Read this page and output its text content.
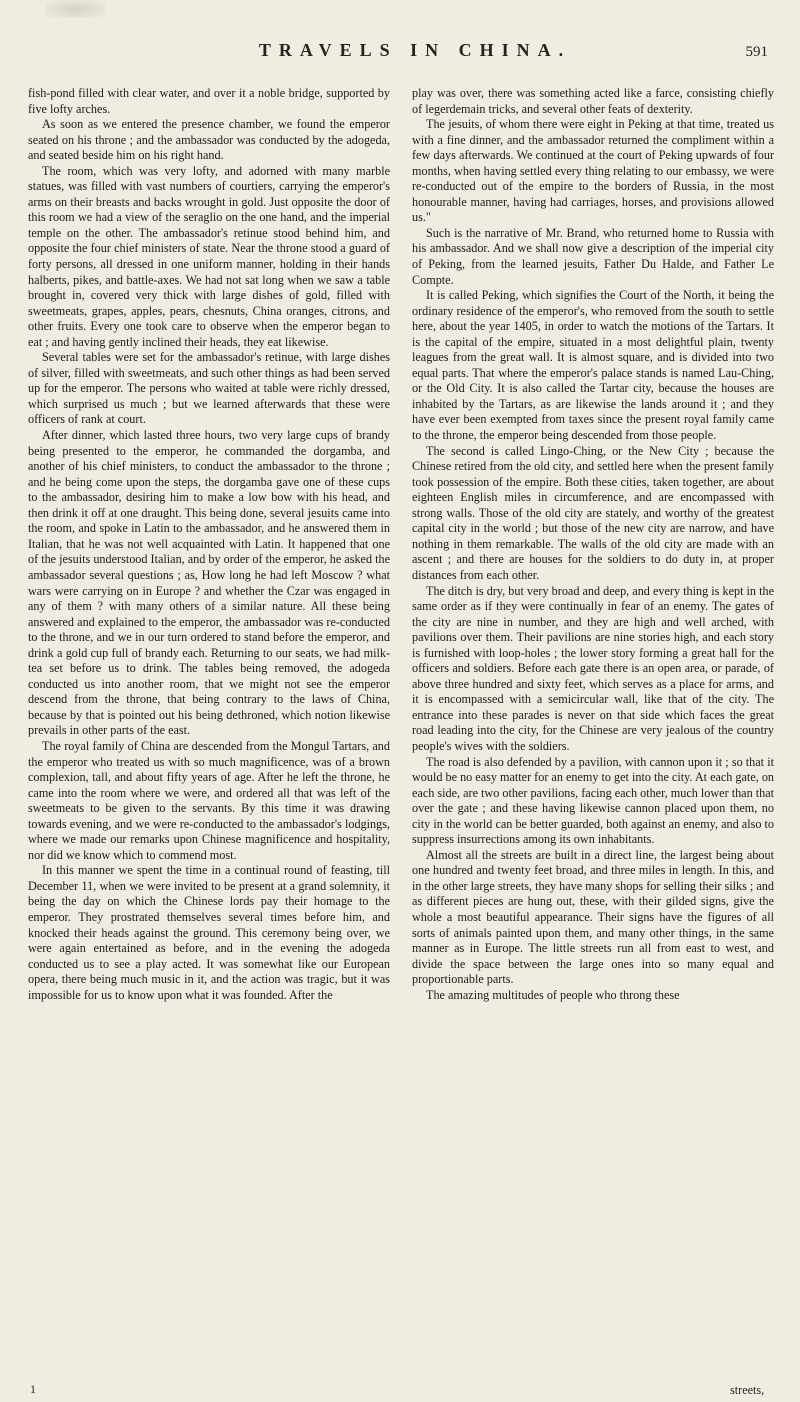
TRAVELS IN CHINA.	591

fish-pond filled with clear water, and over it a noble bridge, supported by five lofty arches.

As soon as we entered the presence chamber, we found the emperor seated on his throne ; and the ambassador was conducted by the adogeda, and seated beside him on his right hand.

The room, which was very lofty, and adorned with many marble statues, was filled with vast numbers of courtiers, carrying the emperor's arms on their breasts and backs wrought in gold. Just opposite the door of this room we had a view of the seraglio on the one hand, and the imperial temple on the other. The ambassador's retinue stood behind him, and opposite the four chief ministers of state. Near the throne stood a guard of forty persons, all dressed in one uniform manner, holding in their hands halberts, pikes, and battle-axes. We had not sat long when we saw a table brought in, covered very thick with large dishes of gold, filled with sweetmeats, grapes, apples, pears, chesnuts, China oranges, citrons, and other fruits. Every one took care to observe when the emperor began to eat ; and having gently inclined their heads, they eat likewise.

Several tables were set for the ambassador's retinue, with large dishes of silver, filled with sweetmeats, and such other things as had been served up for the emperor. The persons who waited at table were richly dressed, which surprised us much ; but we learned afterwards that these were officers of rank at court.

After dinner, which lasted three hours, two very large cups of brandy being presented to the emperor, he commanded the dorgamba, and another of his chief ministers, to conduct the ambassador to the throne ; and he being come upon the steps, the dorgamba gave one of these cups to the ambassador, desiring him to make a low bow with his head, and then drink it off at one draught. This being done, several jesuits came into the room, and spoke in Latin to the ambassador, and he answered them in Italian, that he was not well acquainted with Latin. It happened that one of the jesuits understood Italian, and by order of the emperor, he asked the ambassador several questions ; as, How long he had left Moscow ? what wars were carrying on in Europe ? and whether the Czar was engaged in any of them ? with many others of a similar nature. All these being answered and explained to the emperor, the ambassador was re-conducted to the throne, and we in our turn ordered to stand before the emperor, and drink a gold cup full of brandy each. Returning to our seats, we had milk-tea set before us to drink. The tables being removed, the adogeda conducted us into another room, that we might not see the emperor descend from the throne, that being contrary to the laws of China, because by that is pointed out his being dethroned, which notion likewise prevails in other parts of the east.

The royal family of China are descended from the Mongul Tartars, and the emperor who treated us with so much magnificence, was of a brown complexion, tall, and about fifty years of age. After he left the throne, he came into the room where we were, and ordered all that was left of the sweetmeats to be given to the servants. By this time it was drawing towards evening, and we were re-conducted to the ambassador's lodgings, where we made our remarks upon Chinese magnificence and hospitality, nor did we know which to commend most.

In this manner we spent the time in a continual round of feasting, till December 11, when we were invited to be present at a grand solemnity, it being the day on which the Chinese lords pay their homage to the emperor. They prostrated themselves several times before him, and knocked their heads against the ground. This ceremony being over, we were again entertained as before, and in the evening the adogeda conducted us to see a play acted. It was somewhat like our European opera, there being much music in it, and the action was tragic, but it was impossible for us to know upon what it was founded. After the

play was over, there was something acted like a farce, consisting chiefly of legerdemain tricks, and several other feats of dexterity.

The jesuits, of whom there were eight in Peking at that time, treated us with a fine dinner, and the ambassador returned the compliment within a few days afterwards. We continued at the court of Peking upwards of four months, when having settled every thing relating to our embassy, we were re-conducted out of the empire to the borders of Russia, in the most honourable manner, having had carriages, horses, and provisions allowed us."

Such is the narrative of Mr. Brand, who returned home to Russia with his ambassador. And we shall now give a description of the imperial city of Peking, from the learned jesuits, Father Du Halde, and Father Le Compte.

It is called Peking, which signifies the Court of the North, it being the ordinary residence of the emperor's, who removed from the south to settle here, about the year 1405, in order to watch the motions of the Tartars. It is the capital of the empire, situated in a most delightful plain, twenty leagues from the great wall. It is almost square, and is divided into two equal parts. That where the emperor's palace stands is named Lau-Ching, or the Old City. It is also called the Tartar city, because the houses are inhabited by the Tartars, as are likewise the lands around it ; and they have ever been exempted from taxes since the present royal family came to the throne, the emperor being descended from those people.

The second is called Lingo-Ching, or the New City ; because the Chinese retired from the old city, and settled here when the present family took possession of the empire. Both these cities, taken together, are about eighteen English miles in circumference, and are encompassed with strong walls. Those of the old city are stately, and worthy of the greatest capital city in the world ; but those of the new city are narrow, and have nothing in them remarkable. The walls of the old city are made with an ascent ; and there are houses for the soldiers to do duty in, at proper distances from each other.

The ditch is dry, but very broad and deep, and every thing is kept in the same order as if they were continually in fear of an enemy. The gates of the city are nine in number, and they are high and well arched, with pavilions over them. Their pavilions are nine stories high, and each story is furnished with loop-holes ; the lower story forming a great hall for the officers and soldiers. Before each gate there is an open area, or parade, of above three hundred and sixty feet, which serves as a place for arms, and it is encompassed with a semicircular wall, like that of the city. The entrance into these parades is never on that side which faces the great road leading into the city, for the Chinese are very jealous of the country people's wives with the soldiers.

The road is also defended by a pavilion, with cannon upon it ; so that it would be no easy matter for an enemy to get into the city. At each gate, on each side, are two other pavilions, facing each other, much lower than that over the gate ; and these having likewise cannon placed upon them, no city in the world can be better guarded, both against an enemy, and also to suppress insurrections among its own inhabitants.

Almost all the streets are built in a direct line, the largest being about one hundred and twenty feet broad, and three miles in length. In this, and in the other large streets, they have many shops for selling their silks ; and as different pieces are hung out, these, with their gilded signs, give the whole a most beautiful appearance. Their signs have the figures of all sorts of animals painted upon them, and many other things, in the same manner as in Europe. The little streets run all from east to west, and divide the space between the large ones into so many equal and proportionable parts.

The amazing multitudes of people who throng these

1	streets,
